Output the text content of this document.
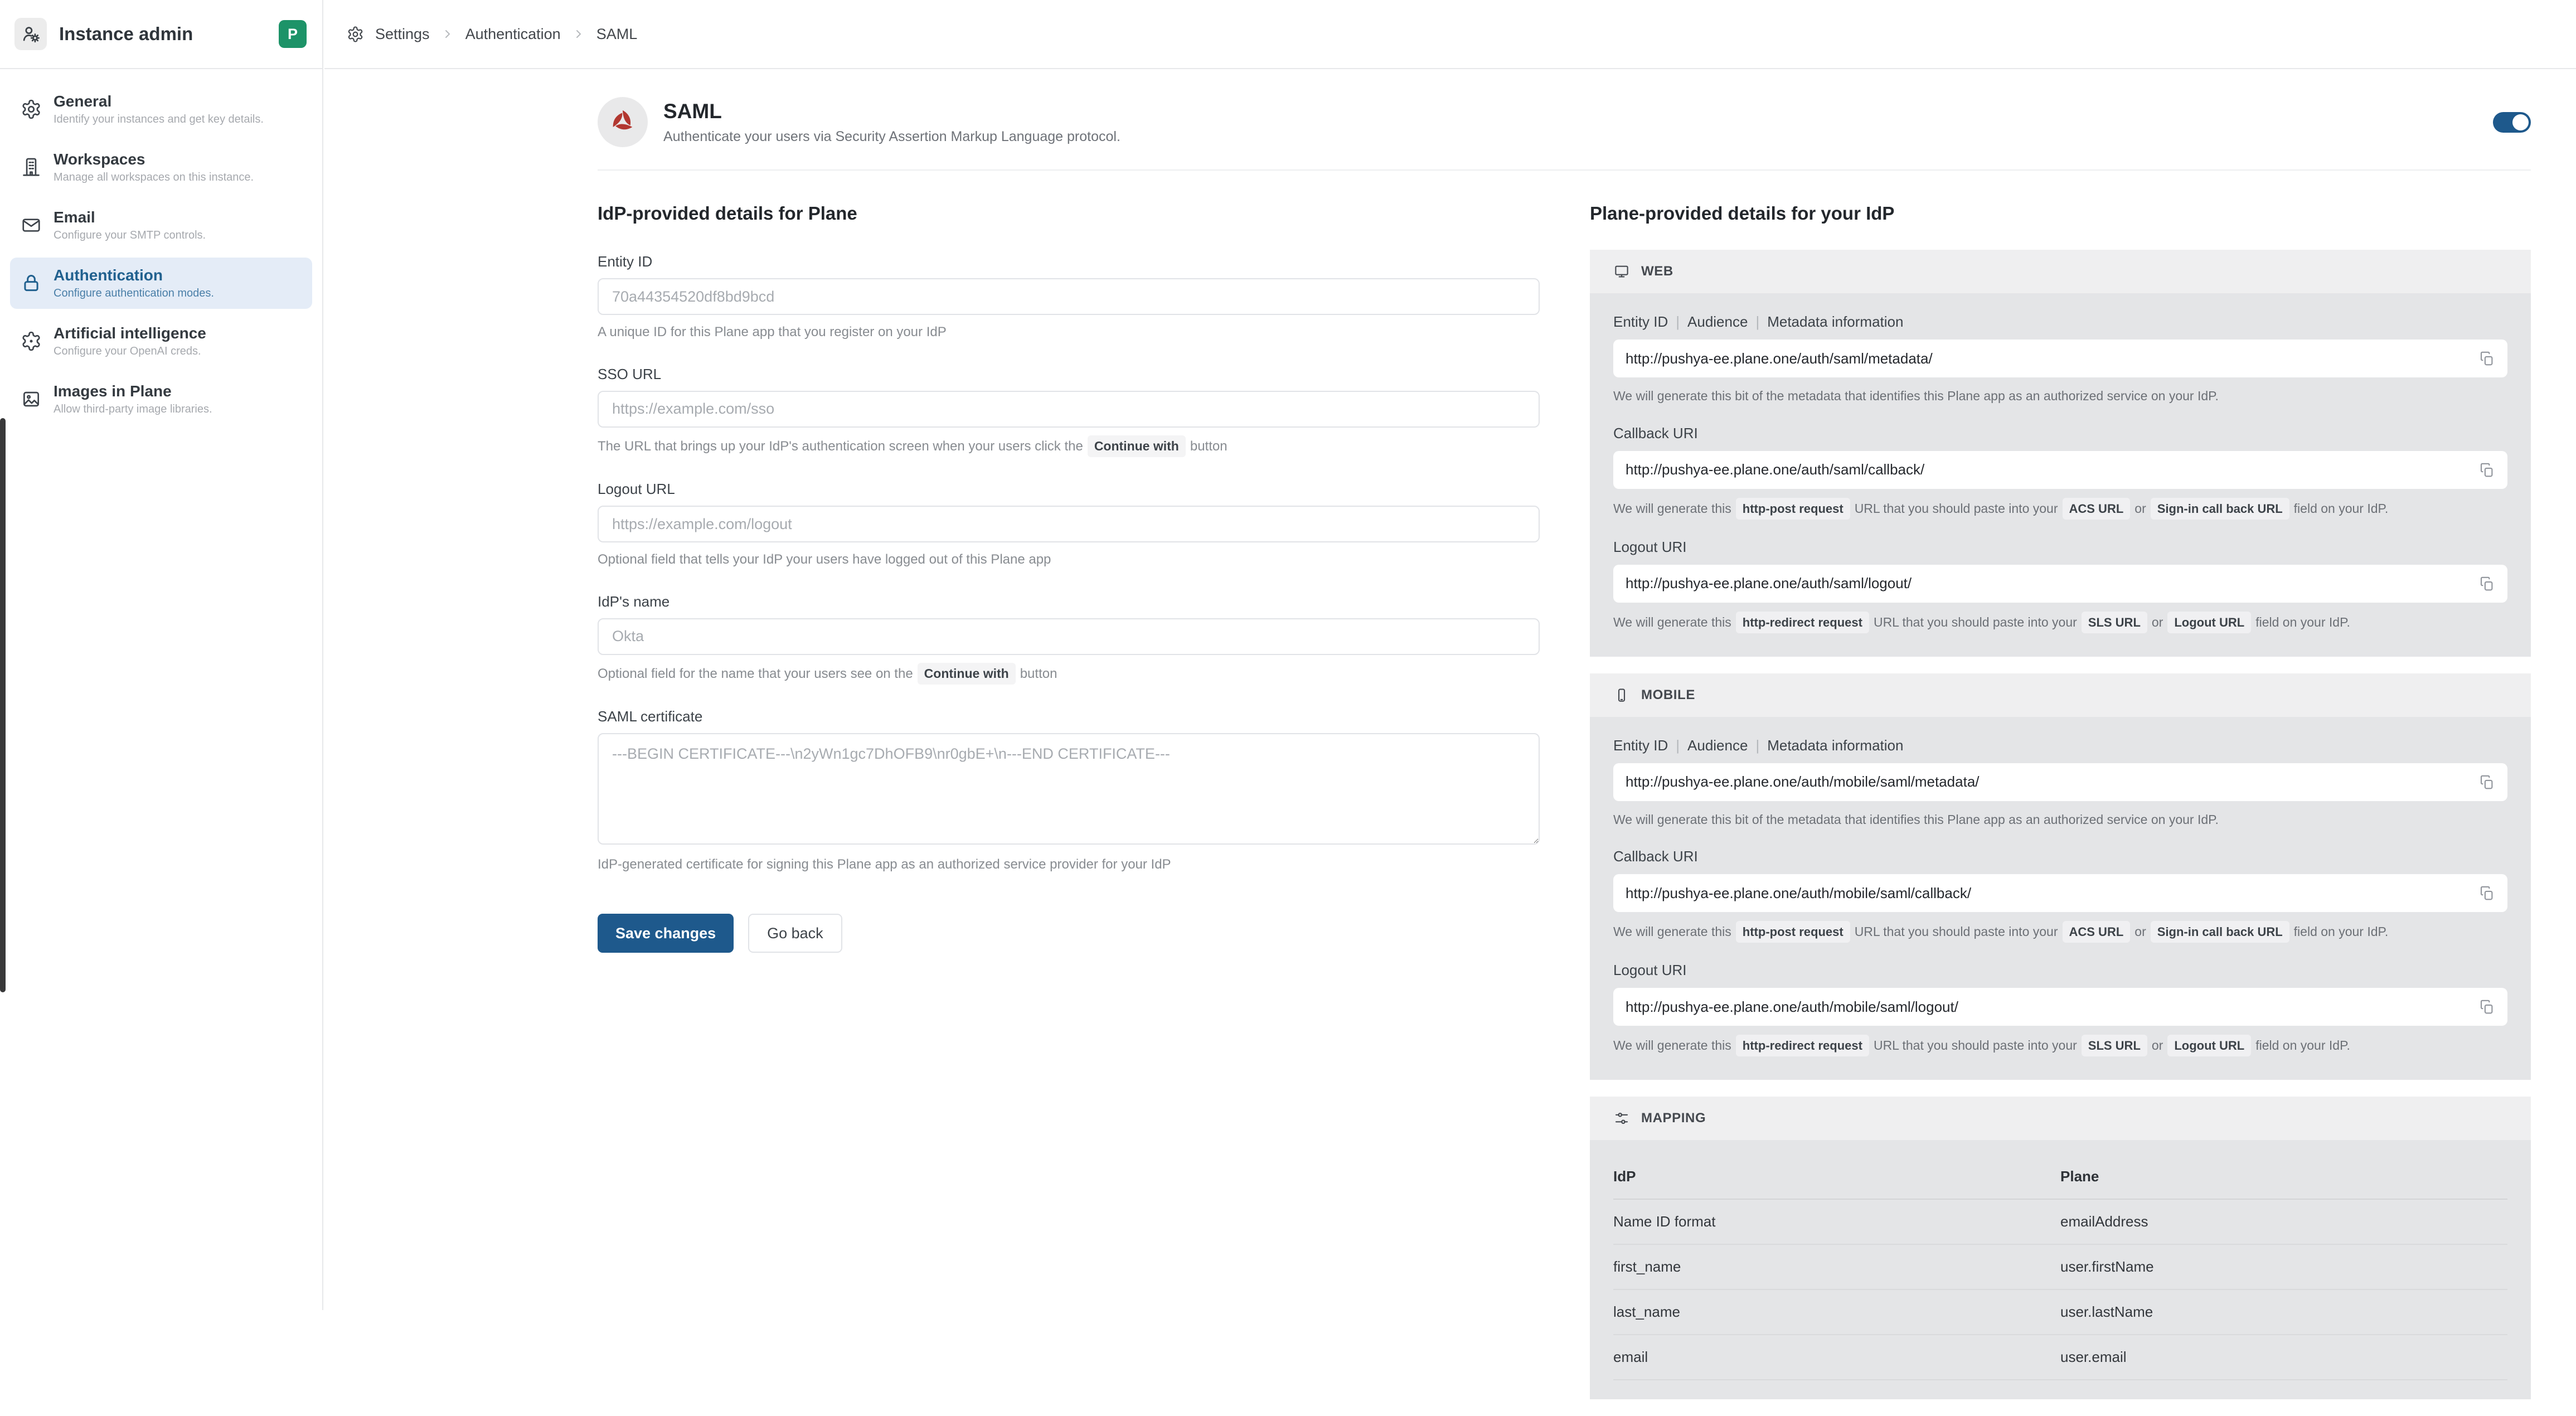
Instance admin	P
General
Identify your instances and get key details.
Workspaces
Manage all workspaces on this instance.
Email
Configure your SMTP controls.
Authentication
Configure authentication modes.
Artificial intelligence
Configure your OpenAI creds.
Images in Plane
Allow third-party image libraries.
Settings Authentication SAML
SAML
Authenticate your users via Security Assertion Markup Language protocol.
IdP-provided details for Plane
Entity ID
70a44354520df8bd9bcd
A unique ID for this Plane app that you register on your IdP
SSO URL
https://example.com/sso
The URL that brings up your IdP's authentication screen when your users click the Continue with button
Logout URL
https://example.com/logout
Optional field that tells your IdP your users have logged out of this Plane app
IdP's name
Okta
Optional field for the name that your users see on the Continue with button
SAML certificate
---BEGIN CERTIFICATE---\n2yWn1gc7DhOFB9\nr0gbE+\n---END CERTIFICATE---
IdP-generated certificate for signing this Plane app as an authorized service provider for your IdP
Save changes	Go back
Plane-provided details for your IdP
WEB
Entity ID | Audience | Metadata information
http://pushya-ee.plane.one/auth/saml/metadata/
We will generate this bit of the metadata that identifies this Plane app as an authorized service on your IdP.
Callback URI
http://pushya-ee.plane.one/auth/saml/callback/
We will generate this http-post request URL that you should paste into your ACS URL or Sign-in call back URL field on your IdP.
Logout URI
http://pushya-ee.plane.one/auth/saml/logout/
We will generate this http-redirect request URL that you should paste into your SLS URL or Logout URL field on your IdP.
MOBILE
Entity ID | Audience | Metadata information
http://pushya-ee.plane.one/auth/mobile/saml/metadata/
We will generate this bit of the metadata that identifies this Plane app as an authorized service on your IdP.
Callback URI
http://pushya-ee.plane.one/auth/mobile/saml/callback/
We will generate this http-post request URL that you should paste into your ACS URL or Sign-in call back URL field on your IdP.
Logout URI
http://pushya-ee.plane.one/auth/mobile/saml/logout/
We will generate this http-redirect request URL that you should paste into your SLS URL or Logout URL field on your IdP.
MAPPING
IdP	Plane
Name ID format	emailAddress
first_name	user.firstName
last_name	user.lastName
email	user.email
